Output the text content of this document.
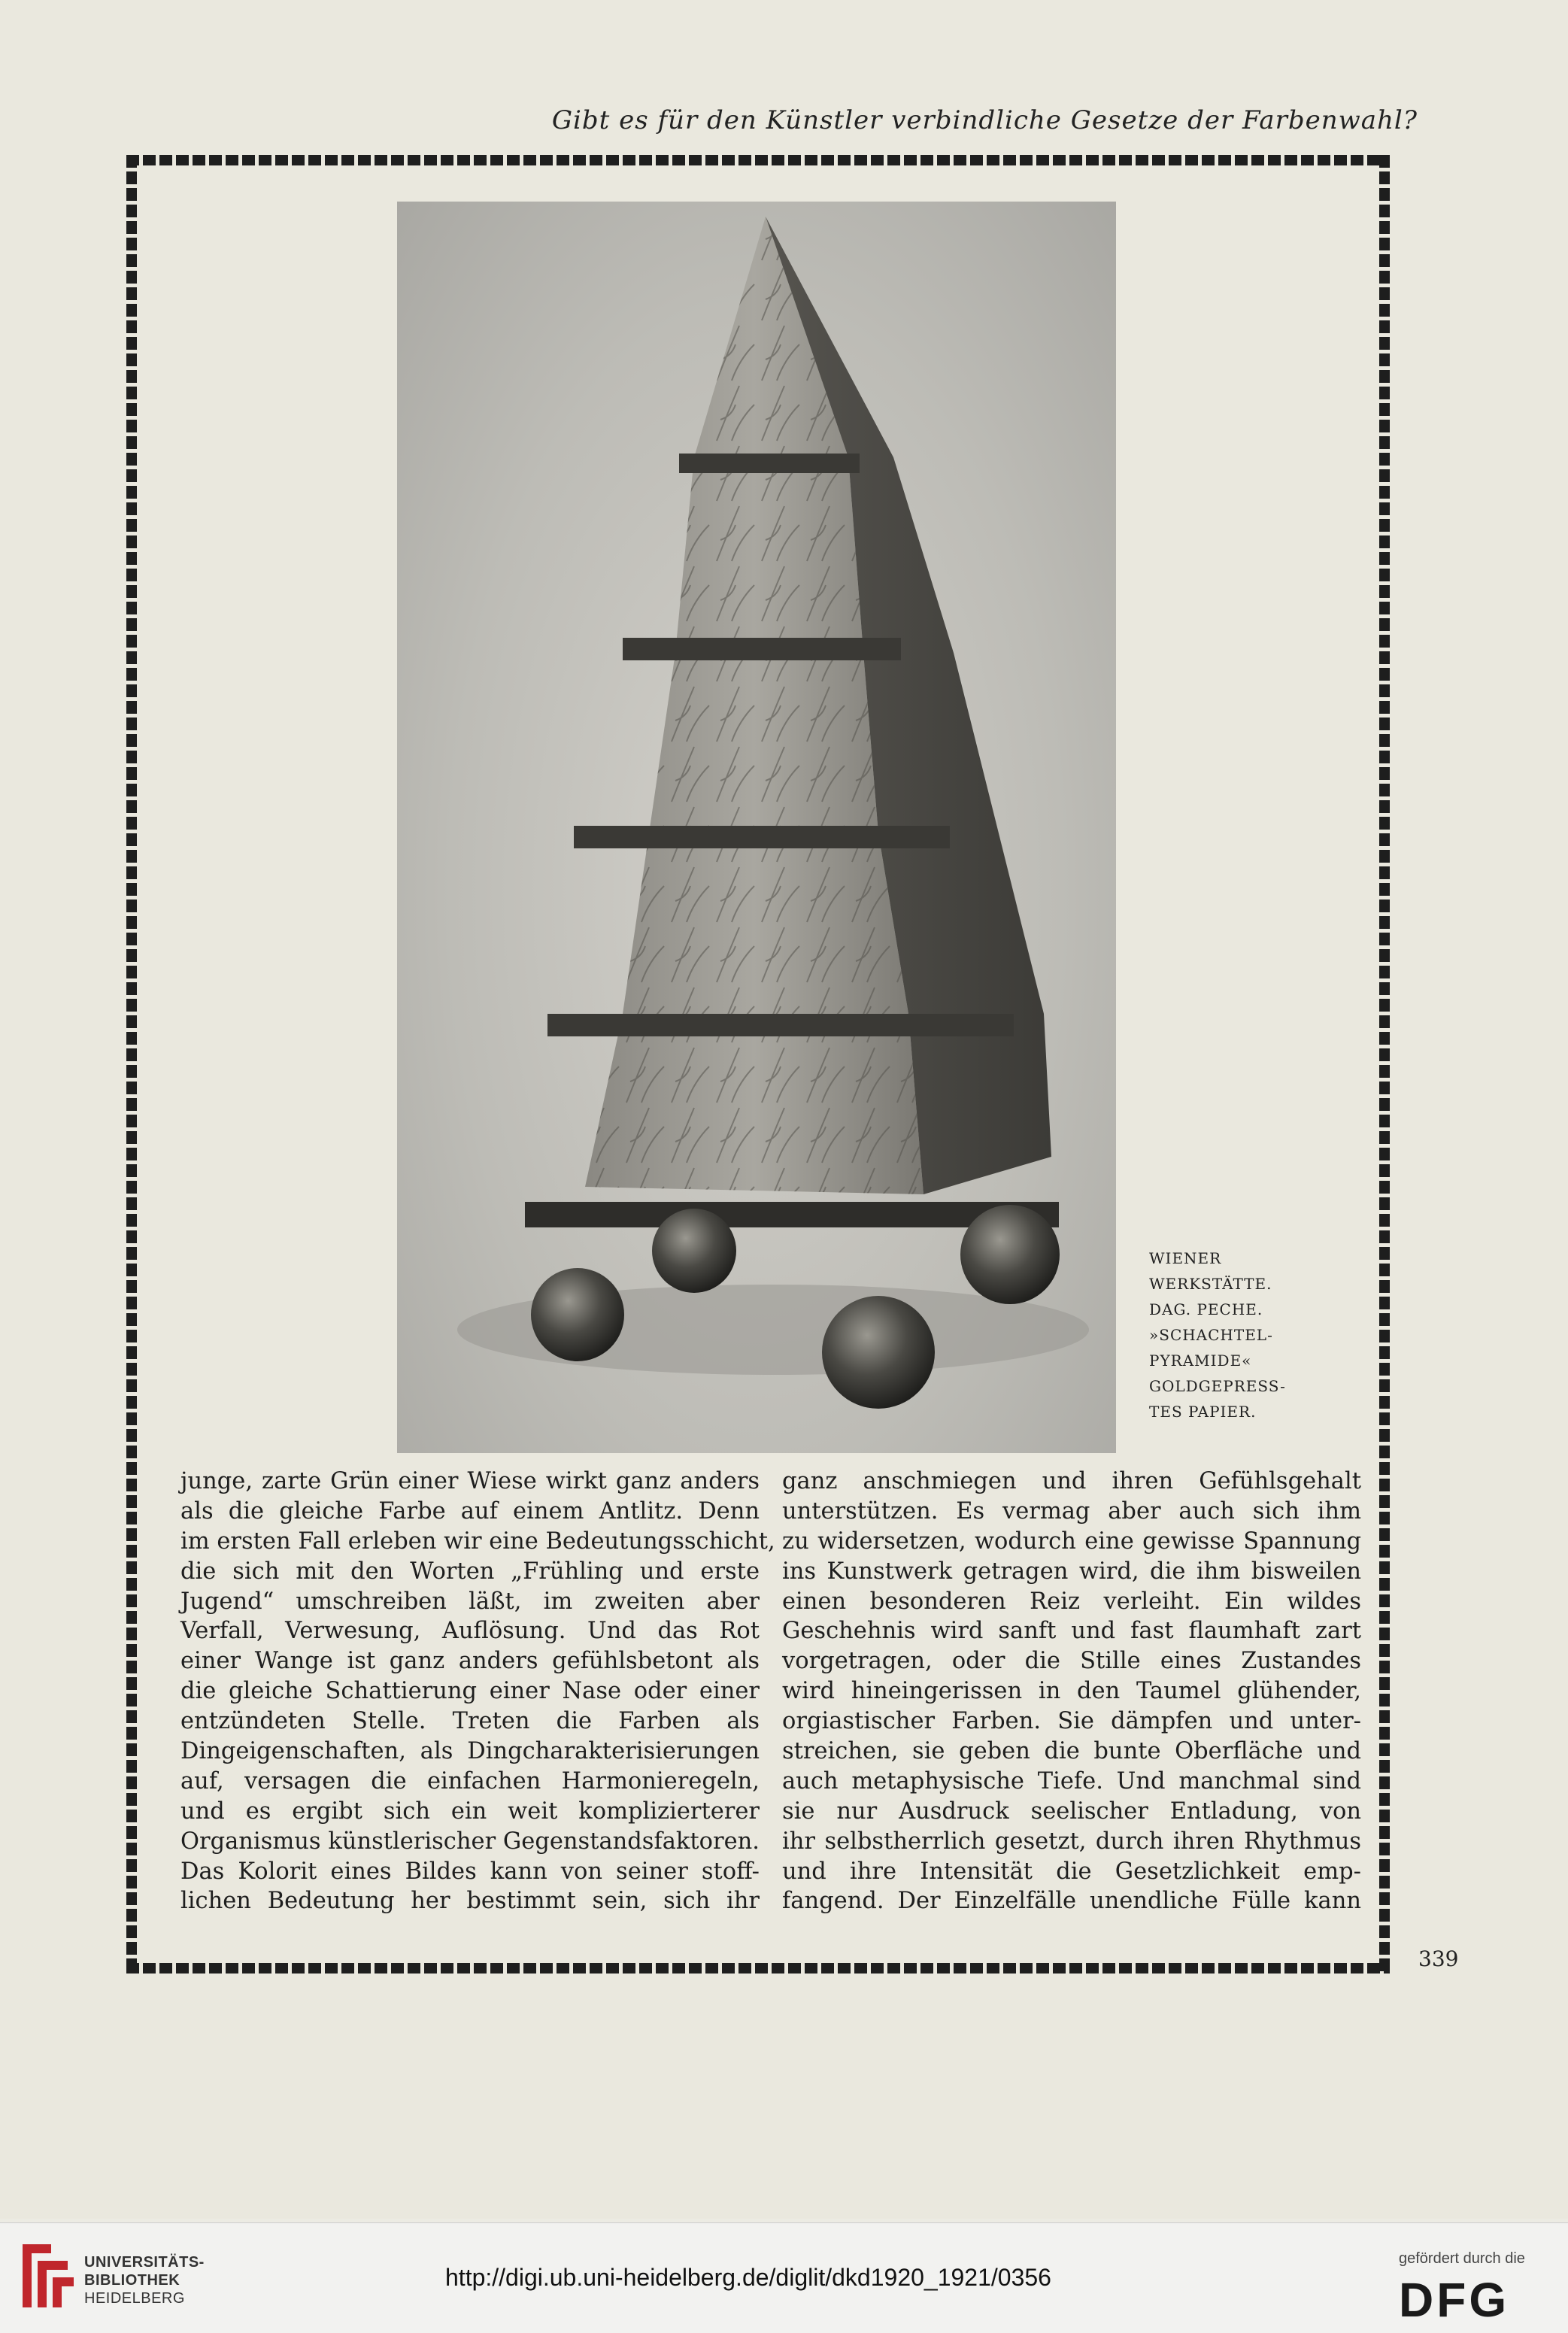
Gibt es für den Künstler verbindliche Gesetze der Farbenwahl?
WIENER
WERKSTÄTTE.
DAG. PECHE.
»SCHACHTEL-
PYRAMIDE«
GOLDGEPRESS-
TES PAPIER.
junge, zarte Grün einer Wiese wirkt ganz anders
als die gleiche Farbe auf einem Antlitz. Denn
im ersten Fall erleben wir eine Bedeutungsschicht,
die sich mit den Worten „Frühling und erste
Jugend“ umschreiben läßt, im zweiten aber
Verfall, Verwesung, Auflösung. Und das Rot
einer Wange ist ganz anders gefühlsbetont als
die gleiche Schattierung einer Nase oder einer
entzündeten Stelle. Treten die Farben als
Dingeigenschaften, als Dingcharakterisierungen
auf, versagen die einfachen Harmonieregeln,
und es ergibt sich ein weit komplizierterer
Organismus künstlerischer Gegenstandsfaktoren.
Das Kolorit eines Bildes kann von seiner stoff-
lichen Bedeutung her bestimmt sein, sich ihr
ganz anschmiegen und ihren Gefühlsgehalt
unterstützen. Es vermag aber auch sich ihm
zu widersetzen, wodurch eine gewisse Spannung
ins Kunstwerk getragen wird, die ihm bisweilen
einen besonderen Reiz verleiht. Ein wildes
Geschehnis wird sanft und fast flaumhaft zart
vorgetragen, oder die Stille eines Zustandes
wird hineingerissen in den Taumel glühender,
orgiastischer Farben. Sie dämpfen und unter-
streichen, sie geben die bunte Oberfläche und
auch metaphysische Tiefe. Und manchmal sind
sie nur Ausdruck seelischer Entladung, von
ihr selbstherrlich gesetzt, durch ihren Rhythmus
und ihre Intensität die Gesetzlichkeit emp-
fangend. Der Einzelfälle unendliche Fülle kann
339
UNIVERSITÄTS-
BIBLIOTHEK
HEIDELBERG
http://digi.ub.uni-heidelberg.de/diglit/dkd1920_1921/0356
gefördert durch die
DFG
